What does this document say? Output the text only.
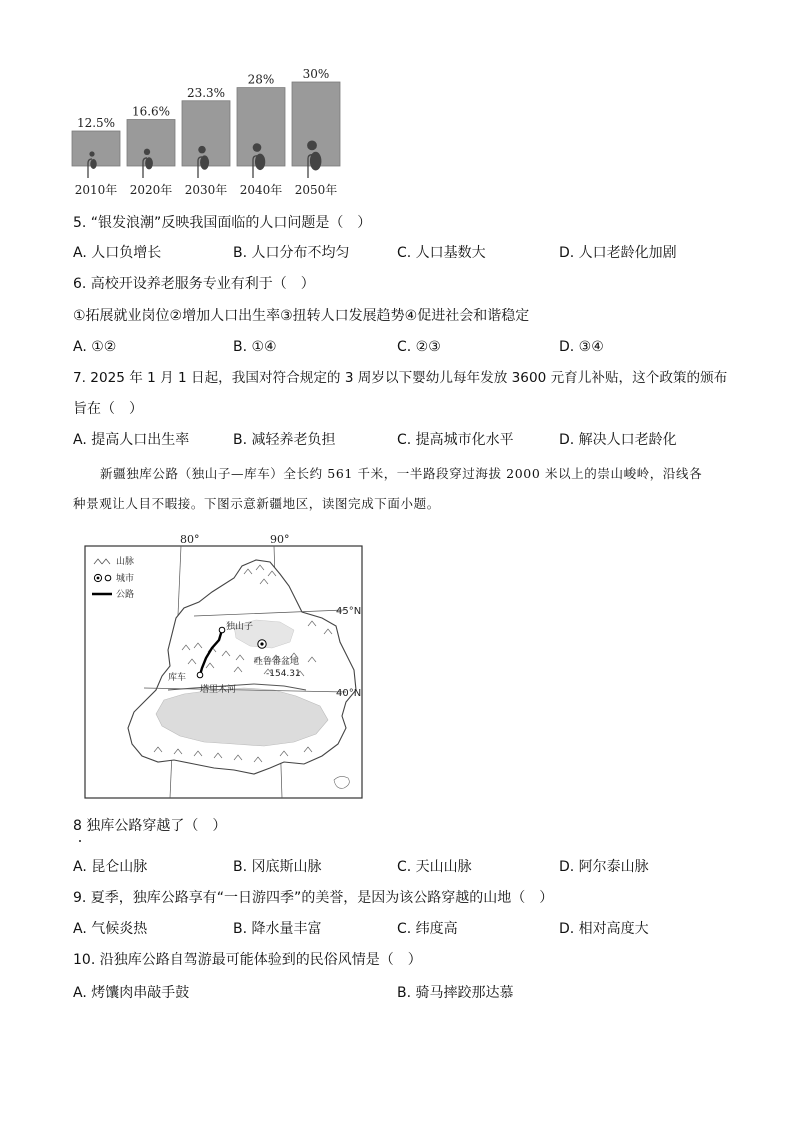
12.5%
16.6%
23.3%
28% 30%
2010年 2020年 2030年 2040年 2050年
5. “银发浪潮”反映我国面临的人口问题是（　）
A. 人口负增长	B. 人口分布不均匀	C. 人口基数大	D. 人口老龄化加剧
6. 高校开设养老服务专业有利于（　）
①拓展就业岗位②增加人口出生率③扭转人口发展趋势④促进社会和谐稳定
A. ①②	B. ①④	C. ②③	D. ③④
7. 2025 年 1 月 1 日起，我国对符合规定的 3 周岁以下婴幼儿每年发放 3600 元育儿补贴，这个政策的颁布
旨在（　）
A. 提高人口出生率	B. 减轻养老负担	C. 提高城市化水平	D. 解决人口老龄化
新疆独库公路（独山子—库车）全长约 561 千米，一半路段穿过海拔 2000 米以上的崇山峻岭，沿线各
种景观让人目不暇接。下图示意新疆地区，读图完成下面小题。
80°	90°
45°N
40°N
独山子
库车
吐鲁番盆地
-154.31
塔里木河
山脉
城市
公路
8 独库公路穿越了（　）
A. 昆仑山脉	B. 冈底斯山脉	C. 天山山脉	D. 阿尔泰山脉
9. 夏季，独库公路享有“一日游四季”的美誉，是因为该公路穿越的山地（　）
A. 气候炎热	B. 降水量丰富	C. 纬度高	D. 相对高度大
10. 沿独库公路自驾游最可能体验到的民俗风情是（　）
A. 烤馕肉串敲手鼓	B. 骑马摔跤那达慕
